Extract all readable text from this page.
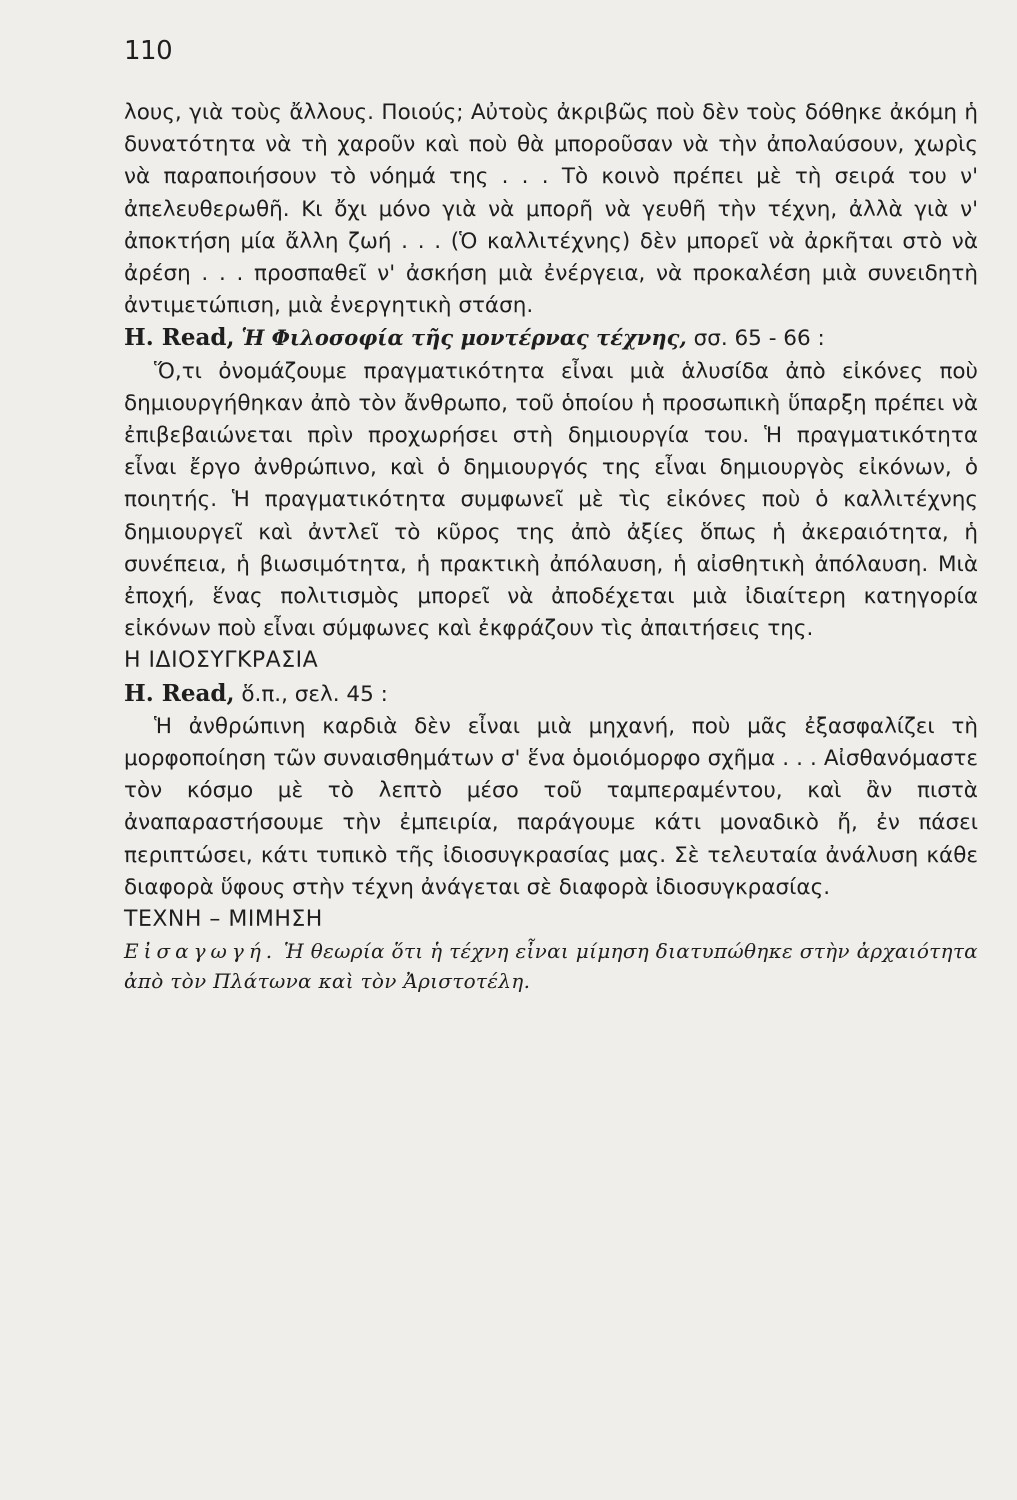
110

λους, γιὰ τοὺς ἄλλους. Ποιούς; Αὐτοὺς ἀκριβῶς ποὺ δὲν τοὺς δόθηκε ἀκόμη ἡ δυνατότητα νὰ τὴ χαροῦν καὶ ποὺ θὰ μποροῦσαν νὰ τὴν ἀπολαύσουν, χωρὶς νὰ παραποιήσουν τὸ νόημά της . . . Τὸ κοινὸ πρέπει μὲ τὴ σειρά του ν' ἀπελευθερωθῆ. Κι ὄχι μόνο γιὰ νὰ μπορῆ νὰ γευθῆ τὴν τέχνη, ἀλλὰ γιὰ ν' ἀποκτήση μία ἄλλη ζωή . . . (Ὁ καλλιτέχνης) δὲν μπορεῖ νὰ ἀρκῆται στὸ νὰ ἀρέση . . . προσπαθεῖ ν' ἀσκήση μιὰ ἐνέργεια, νὰ προκαλέση μιὰ συνειδητὴ ἀντιμετώπιση, μιὰ ἐνεργητικὴ στάση.

H. Read, Ἡ Φιλοσοφία τῆς μοντέρνας τέχνης, σσ. 65 - 66 :

Ὅ,τι ὀνομάζουμε πραγματικότητα εἶναι μιὰ ἁλυσίδα ἀπὸ εἰκόνες ποὺ δημιουργήθηκαν ἀπὸ τὸν ἄνθρωπο, τοῦ ὁποίου ἡ προσωπικὴ ὕπαρξη πρέπει νὰ ἐπιβεβαιώνεται πρὶν προχωρήσει στὴ δημιουργία του. Ἡ πραγματικότητα εἶναι ἔργο ἀνθρώπινο, καὶ ὁ δημιουργός της εἶναι δημιουργὸς εἰκόνων, ὁ ποιητής. Ἡ πραγματικότητα συμφωνεῖ μὲ τὶς εἰκόνες ποὺ ὁ καλλιτέχνης δημιουργεῖ καὶ ἀντλεῖ τὸ κῦρος της ἀπὸ ἀξίες ὅπως ἡ ἀκεραιότητα, ἡ συνέπεια, ἡ βιωσιμότητα, ἡ πρακτικὴ ἀπόλαυση, ἡ αἰσθητικὴ ἀπόλαυση. Μιὰ ἐποχή, ἕνας πολιτισμὸς μπορεῖ νὰ ἀποδέχεται μιὰ ἰδιαίτερη κατηγορία εἰκόνων ποὺ εἶναι σύμφωνες καὶ ἐκφράζουν τὶς ἀπαιτήσεις της.

Η ΙΔΙΟΣΥΓΚΡΑΣΙΑ

H. Read, ὅ.π., σελ. 45 :

Ἡ ἀνθρώπινη καρδιὰ δὲν εἶναι μιὰ μηχανή, ποὺ μᾶς ἐξασφαλίζει τὴ μορφοποίηση τῶν συναισθημάτων σ' ἕνα ὁμοιόμορφο σχῆμα . . . Αἰσθανόμαστε τὸν κόσμο μὲ τὸ λεπτὸ μέσο τοῦ ταμπεραμέντου, καὶ ἂν πιστὰ ἀναπαραστήσουμε τὴν ἐμπειρία, παράγουμε κάτι μοναδικὸ ἤ, ἐν πάσει περιπτώσει, κάτι τυπικὸ τῆς ἰδιοσυγκρασίας μας. Σὲ τελευταία ἀνάλυση κάθε διαφορὰ ὕφους στὴν τέχνη ἀνάγεται σὲ διαφορὰ ἰδιοσυγκρασίας.

ΤΕΧΝΗ – ΜΙΜΗΣΗ

Εἰσαγωγή. Ἡ θεωρία ὅτι ἡ τέχνη εἶναι μίμηση διατυπώθηκε στὴν ἀρχαιότητα ἀπὸ τὸν Πλάτωνα καὶ τὸν Ἀριστοτέλη.
